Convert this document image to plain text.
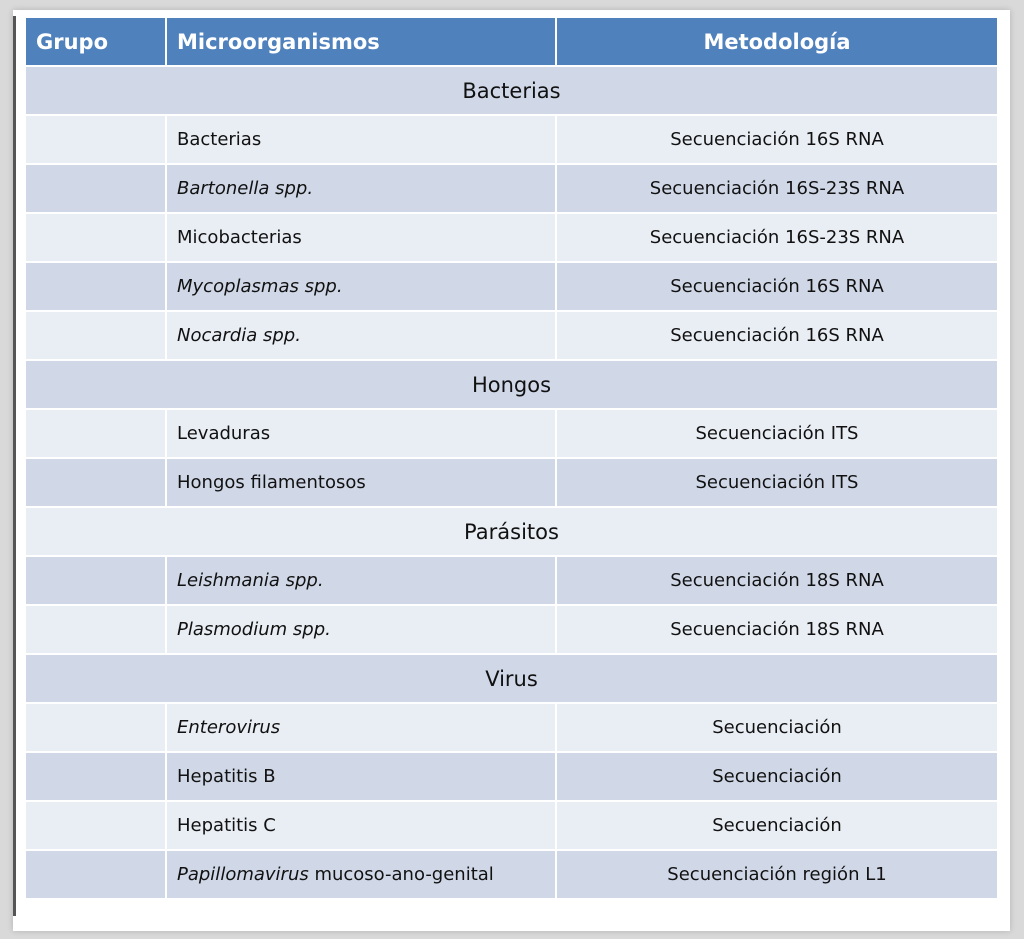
Grupo	Microorganismos	Metodología
Bacterias		
	Bacterias	Secuenciación 16S RNA
	Bartonella spp.	Secuenciación 16S-23S RNA
	Micobacterias	Secuenciación 16S-23S RNA
	Mycoplasmas spp.	Secuenciación 16S RNA
	Nocardia spp.	Secuenciación 16S RNA
Hongos		
	Levaduras	Secuenciación ITS
	Hongos filamentosos	Secuenciación ITS
Parásitos		
	Leishmania spp.	Secuenciación 18S RNA
	Plasmodium spp.	Secuenciación 18S RNA
Virus		
	Enterovirus	Secuenciación
	Hepatitis B	Secuenciación
	Hepatitis C	Secuenciación
	Papillomavirus mucoso-ano-genital	Secuenciación región L1
